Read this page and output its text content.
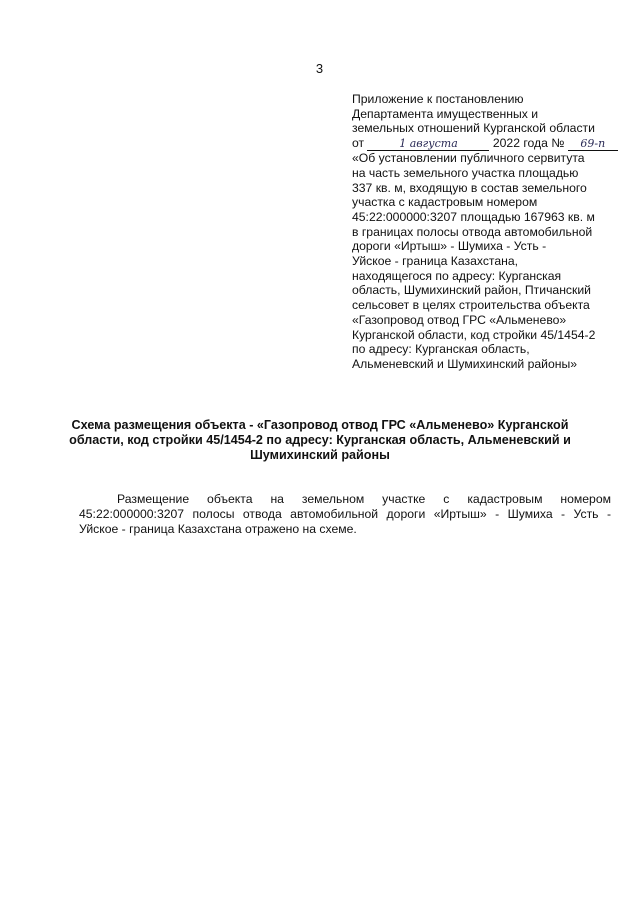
3
Приложение к постановлению
Департамента имущественных и
земельных отношений Курганской области
от	1 августа	2022 года № 69-п
«Об установлении публичного сервитута
на часть земельного участка площадью
337 кв. м, входящую в состав земельного
участка с кадастровым номером
45:22:000000:3207 площадью 167963 кв. м
в границах полосы отвода автомобильной
дороги «Иртыш» - Шумиха - Усть -
Уйское - граница Казахстана,
находящегося по адресу: Курганская
область, Шумихинский район, Птичанский
сельсовет в целях строительства объекта
«Газопровод отвод ГРС «Альменево»
Курганской области, код стройки 45/1454-2
по адресу: Курганская область,
Альменевский и Шумихинский районы»
Схема размещения объекта - «Газопровод отвод ГРС «Альменево» Курганской
области, код стройки 45/1454-2 по адресу: Курганская область, Альменевский и
Шумихинский районы
Размещение объекта на земельном участке с кадастровым номером
45:22:000000:3207 полосы отвода автомобильной дороги «Иртыш» - Шумиха - Усть -
Уйское - граница Казахстана отражено на схеме.
